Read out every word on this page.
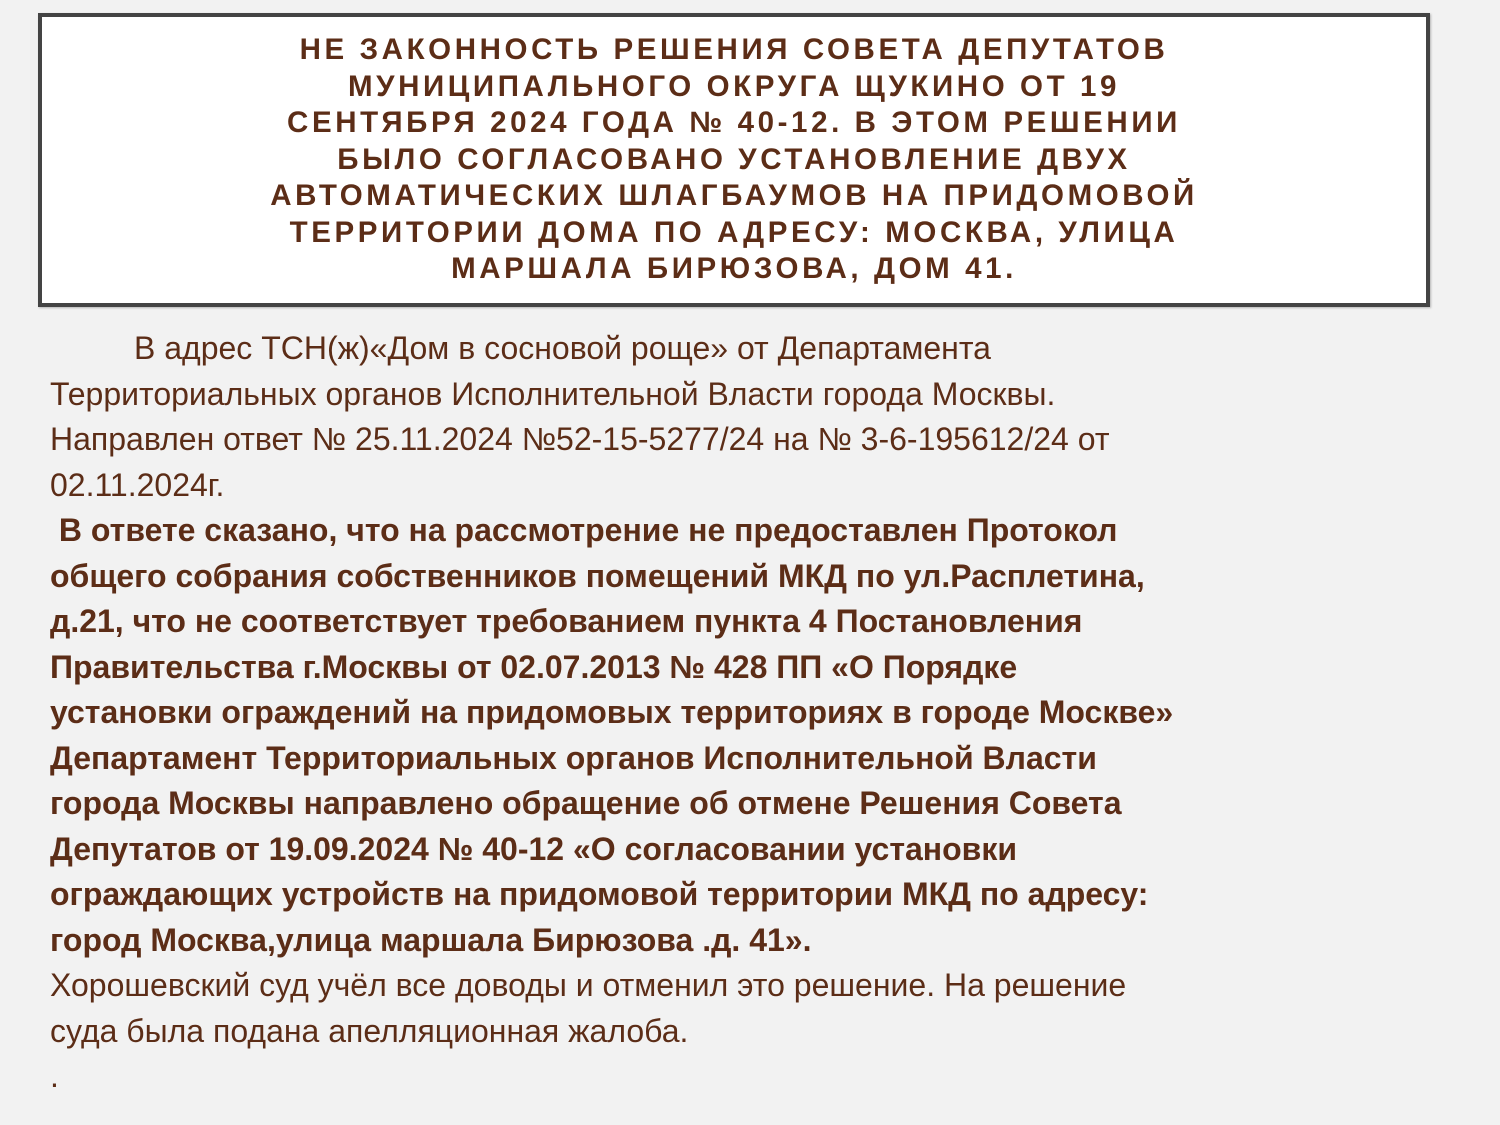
НЕ ЗАКОННОСТЬ РЕШЕНИЯ СОВЕТА ДЕПУТАТОВ
МУНИЦИПАЛЬНОГО ОКРУГА ЩУКИНО ОТ 19
СЕНТЯБРЯ 2024 ГОДА № 40-12. В ЭТОМ РЕШЕНИИ
БЫЛО СОГЛАСОВАНО УСТАНОВЛЕНИЕ ДВУХ
АВТОМАТИЧЕСКИХ ШЛАГБАУМОВ НА ПРИДОМОВОЙ
ТЕРРИТОРИИ ДОМА ПО АДРЕСУ: МОСКВА, УЛИЦА
МАРШАЛА БИРЮЗОВА, ДОМ 41.

В адрес ТСН(ж)«Дом в сосновой роще» от Департамента
Территориальных органов Исполнительной Власти города Москвы.
Направлен ответ № 25.11.2024 №52-15-5277/24 на № 3-6-195612/24 от
02.11.2024г.

В ответе сказано, что на рассмотрение не предоставлен Протокол
общего собрания собственников помещений МКД по ул.Расплетина,
д.21, что не соответствует требованием пункта 4 Постановления
Правительства г.Москвы от 02.07.2013 № 428 ПП «О Порядке
установки ограждений на придомовых территориях в городе Москве»
Департамент Территориальных органов Исполнительной Власти
города Москвы направлено обращение об отмене Решения Совета
Депутатов от 19.09.2024 № 40-12 «О согласовании установки
ограждающих устройств на придомовой территории МКД по адресу:
город Москва,улица маршала Бирюзова .д. 41».

Хорошевский суд учёл все доводы и отменил это решение. На решение
суда была подана апелляционная жалоба.

.
